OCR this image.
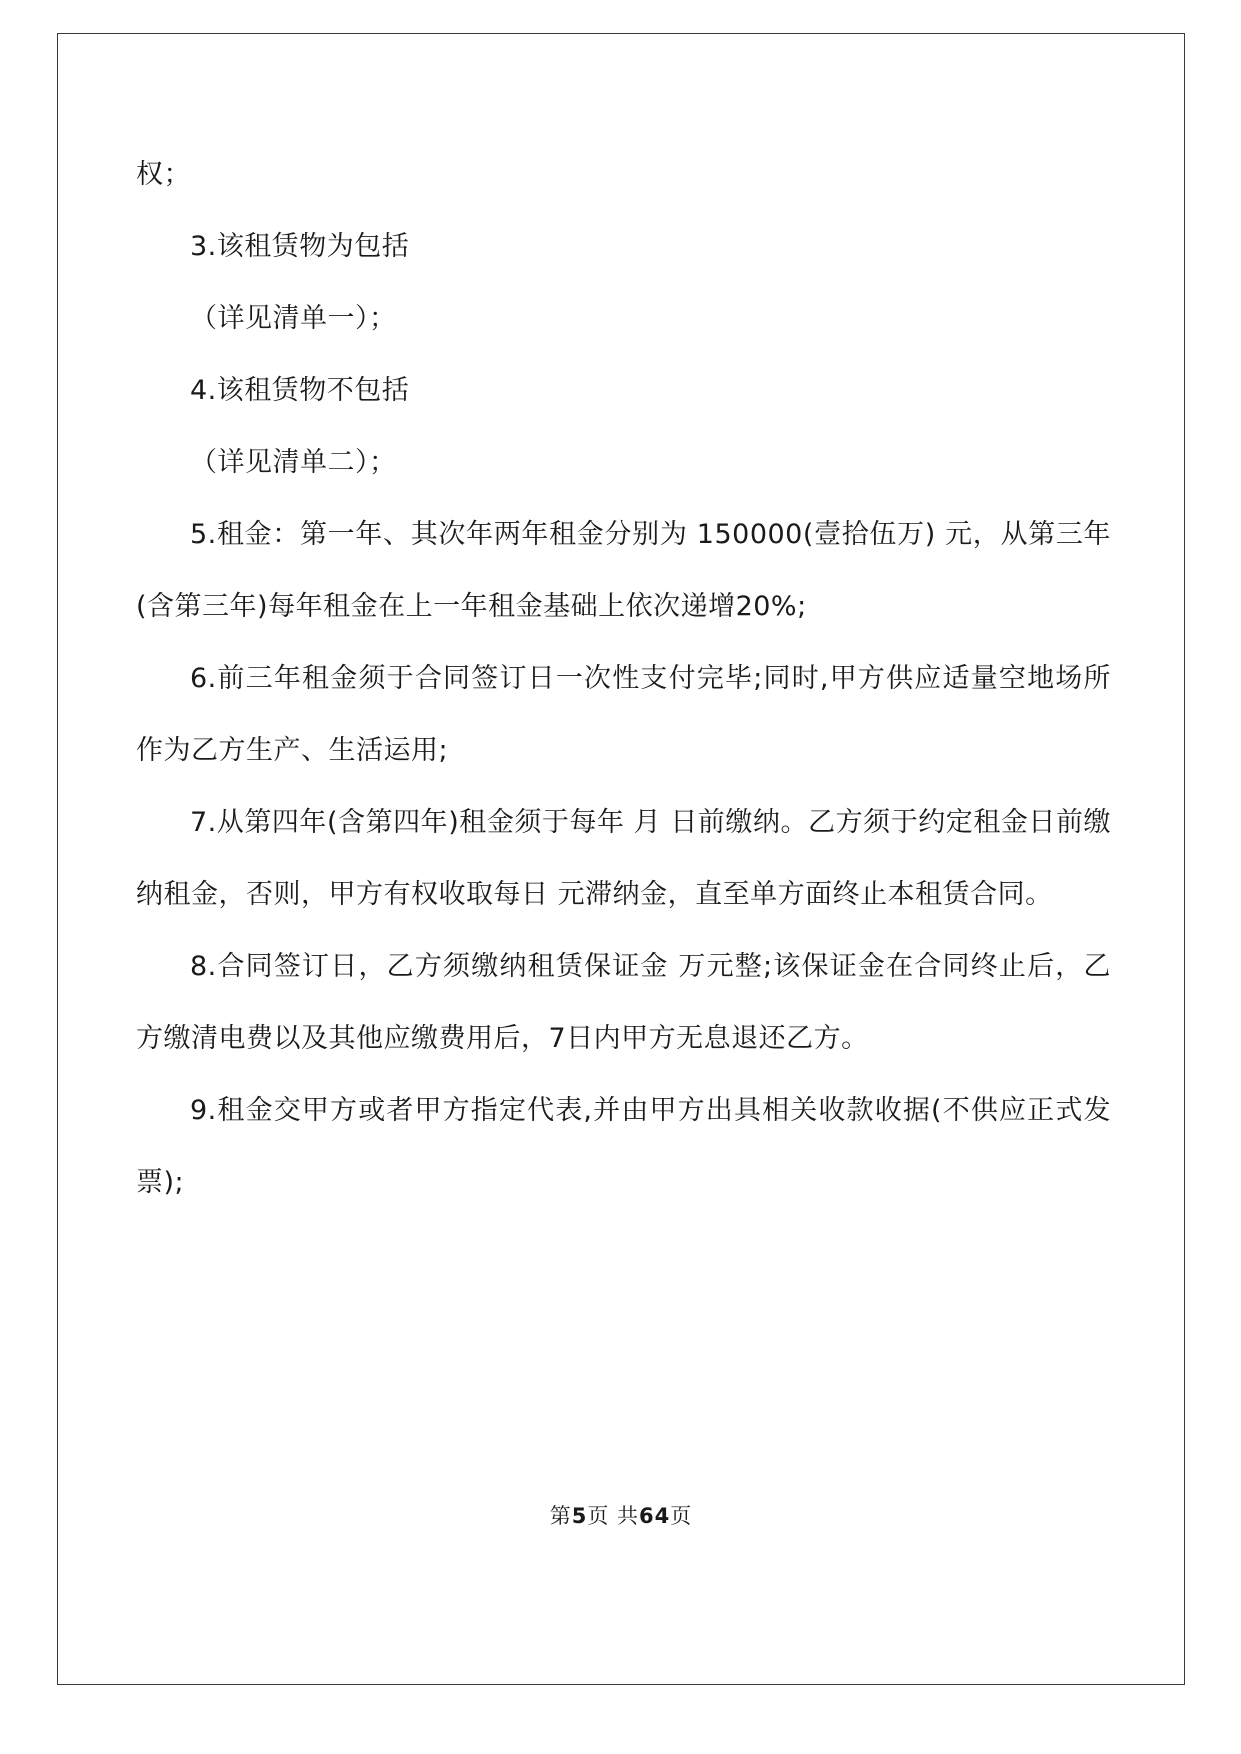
权；

3.该租赁物为包括

（详见清单一）；

4.该租赁物不包括

（详见清单二）；

5.租金：第一年、其次年两年租金分别为 150000(壹拾伍万) 元，从第三年(含第三年)每年租金在上一年租金基础上依次递增20%;

6.前三年租金须于合同签订日一次性支付完毕;同时,甲方供应适量空地场所作为乙方生产、生活运用;

7.从第四年(含第四年)租金须于每年 月 日前缴纳。乙方须于约定租金日前缴纳租金，否则，甲方有权收取每日 元滞纳金，直至单方面终止本租赁合同。

8.合同签订日，乙方须缴纳租赁保证金 万元整;该保证金在合同终止后，乙方缴清电费以及其他应缴费用后，7日内甲方无息退还乙方。

9.租金交甲方或者甲方指定代表,并由甲方出具相关收款收据(不供应正式发票);

第5页 共64页
